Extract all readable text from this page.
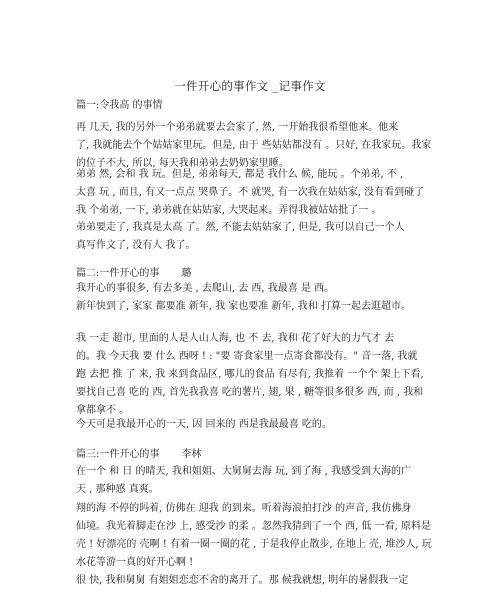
一件开心的事作文 _记事作文
篇一:令我高 的事情
再 几天, 我的另外一个弟弟就要去会家了, 然, 一开始我很希望他来。他来
了, 我就能去个个姑姑家里玩。但是, 由于 些姑姑都没有 。只好, 在我家玩。我家
的位子不大, 所以, 每天我和弟弟去奶奶家里睡。
弟弟 然, 会和 我 玩。但是, 弟弟每天, 都是 我什么 候, 能玩 。个弟弟, 不 ,
太喜 玩 , 而且, 有又一点点 哭鼻子。不 就哭, 有一次我在姑姑家, 没有看到碰了
我 个弟弟, 一下, 弟弟就在姑姑家, 大哭起来。弄得我被姑姑批了一 。
弟弟要走了, 我真是太高 了。然, 不能去姑姑家了, 但是, 我可以自己一个人
真写作文了, 没有人 我了。
篇二:一件开心的事 璐
我开心的事很多, 有去多美 , 去爬山, 去 西, 我最喜 是 西。
新年快到了, 家家 都要准 新年, 我 家也要准 新年, 我和 打算一起去逛超市。
我 一走 超市, 里面的人是人山人海, 也 不 去, 我和 花了好大的力气才 去
的。我 今天我 要 什么 西呀 ! : "要 寄食家里一点寄食都没有。" 音一落, 我就
跑 去把 推 了 来, 我 来到食品区, 哪儿的食品 有尽有, 我推着 一个个 架上下看,
要找自己喜 吃的 西, 首先我我喜 吃的薯片, 翅, 果 , 糖等很多很多 西, 而 , 我和
拿都拿不 。
今天可是我最开心的一天, 因 回来的 西是我最最喜 吃的。
篇三:一件开心的事 李林
在一个 和 日 的晴天, 我和姐姐、大舅舅去海 玩, 到了海 , 我感受到大海的广
天 , 那种感 真爽。
翔的海 不停的吗着, 仿佛在 迎我 的到来。听着海浪拍打沙 的声音, 我仿佛身
仙境。我光着脚走在沙 上, 感受沙 的柔 。忽然我猜到了一个 西, 低 一看, 原料是
壳 ! 好漂亮的 壳啊 ! 有着一圈一圈的花 , 于是我停止散步, 在地上 壳, 堆沙人, 玩
水花等游一真的好开心啊 !
很 快, 我和舅舅 有姐姐恋恋不舍的离开了。那 候我就想, 明年的暑假我一定
